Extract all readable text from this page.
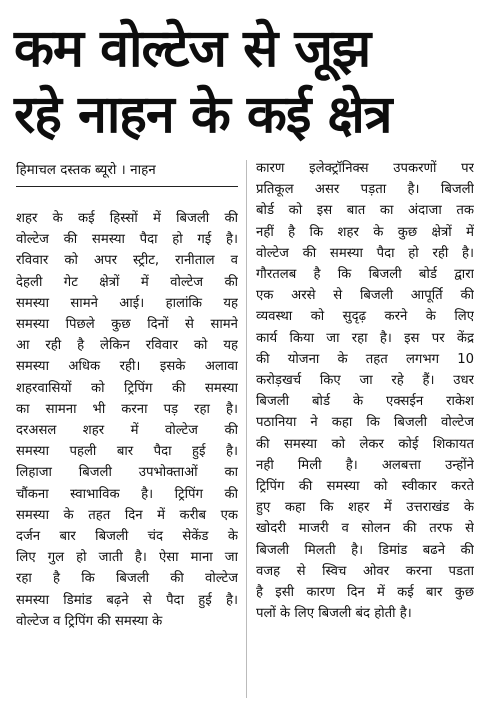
कम वोल्टेज से जूझ
रहे नाहन के कई क्षेत्र
हिमाचल दस्तक ब्यूरो । नाहन
शहर के कई हिस्सों में बिजली की
वोल्टेज की समस्या पैदा हो गई है।
रविवार को अपर स्ट्रीट, रानीताल व
देहली गेट क्षेत्रों में वोल्टेज की
समस्या सामने आई। हालांकि यह
समस्या पिछले कुछ दिनों से सामने
आ रही है लेकिन रविवार को यह
समस्या अधिक रही। इसके अलावा
शहरवासियों को ट्रिपिंग की समस्या
का सामना भी करना पड़ रहा है।
दरअसल शहर में वोल्टेज की
समस्या पहली बार पैदा हुई है।
लिहाजा बिजली उपभोक्ताओं का
चौंकना स्वाभाविक है। ट्रिपिंग की
समस्या के तहत दिन में करीब एक
दर्जन बार बिजली चंद सेकेंड के
लिए गुल हो जाती है। ऐसा माना जा
रहा है कि बिजली की वोल्टेज
समस्या डिमांड बढ़ने से पैदा हुई है।
वोल्टेज व ट्रिपिंग की समस्या के
कारण इलेक्ट्रॉनिक्स उपकरणों पर
प्रतिकूल असर पड़ता है। बिजली
बोर्ड को इस बात का अंदाजा तक
नहीं है कि शहर के कुछ क्षेत्रों में
वोल्टेज की समस्या पैदा हो रही है।
गौरतलब है कि बिजली बोर्ड द्वारा
एक अरसे से बिजली आपूर्ति की
व्यवस्था को सुदृढ़ करने के लिए
कार्य किया जा रहा है। इस पर केंद्र
की योजना के तहत लगभग 10
करोड़खर्च किए जा रहे हैं। उधर
बिजली बोर्ड के एक्सईन राकेश
पठानिया ने कहा कि बिजली वोल्टेज
की समस्या को लेकर कोई शिकायत
नही मिली है। अलबत्ता उन्होंने
ट्रिपिंग की समस्या को स्वीकार करते
हुए कहा कि शहर में उत्तराखंड के
खोदरी माजरी व सोलन की तरफ से
बिजली मिलती है। डिमांड बढने की
वजह से स्विच ओवर करना पडता
है इसी कारण दिन में कई बार कुछ
पलों के लिए बिजली बंद होती है।
